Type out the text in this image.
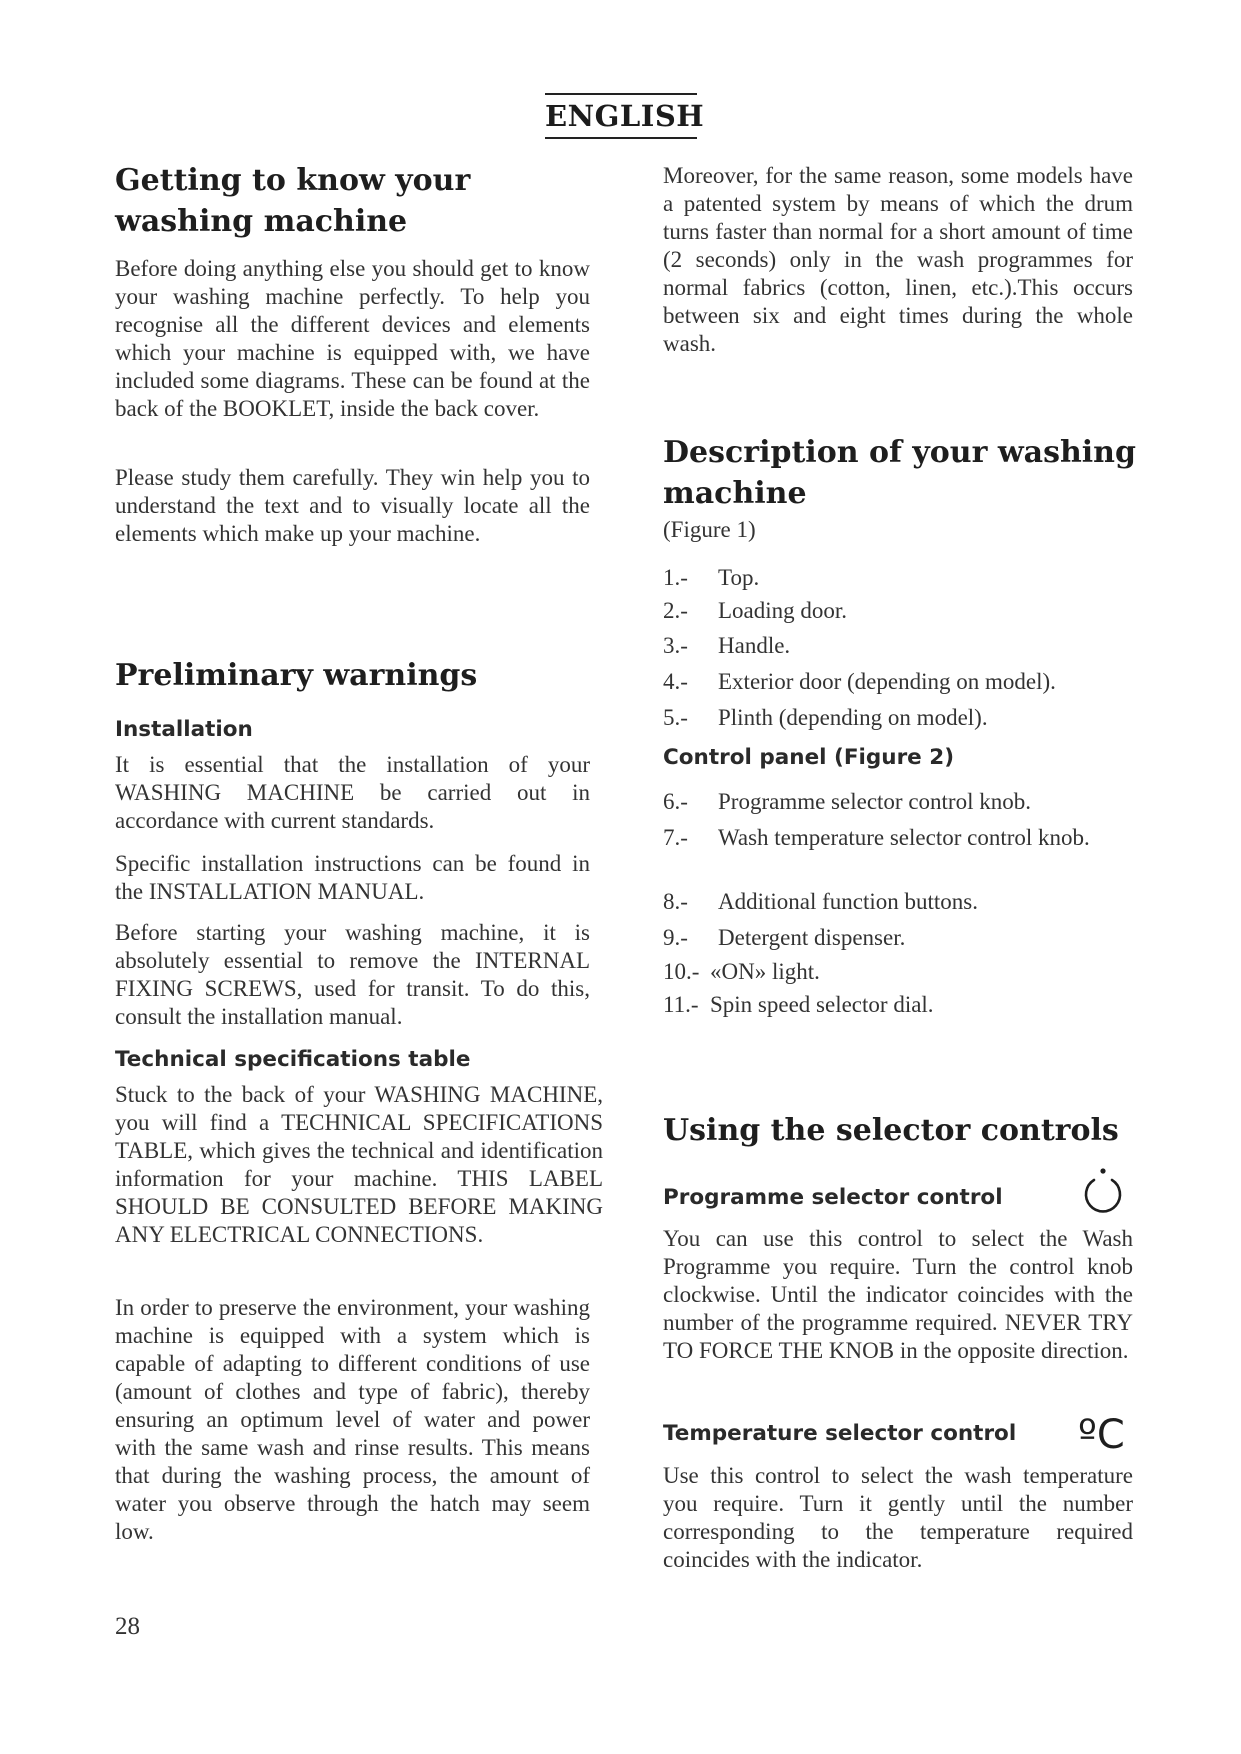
ENGLISH
Getting to know your
washing machine

Before doing anything else you should get to know your washing machine perfectly. To help you recognise all the different devices and elements which your machine is equipped with, we have included some diagrams. These can be found at the back of the BOOKLET, inside the back cover.

Please study them carefully. They win help you to understand the text and to visually locate all the elements which make up your machine.

Preliminary warnings
Installation

It is essential that the installation of your WASHING MACHINE be carried out in accordance with current standards.

Specific installation instructions can be found in the INSTALLATION MANUAL.

Before starting your washing machine, it is absolutely essential to remove the INTERNAL FIXING SCREWS, used for transit. To do this, consult the installation manual.

Technical specifications table

Stuck to the back of your WASHING MACHINE, you will find a TECHNICAL SPECIFICATIONS TABLE, which gives the technical and identification information for your machine. THIS LABEL SHOULD BE CONSULTED BEFORE MAKING ANY ELECTRICAL CONNECTIONS.

In order to preserve the environment, your washing machine is equipped with a system which is capable of adapting to different conditions of use (amount of clothes and type of fabric), thereby ensuring an optimum level of water and power with the same wash and rinse results. This means that during the washing process, the amount of water you observe through the hatch may seem low.

Moreover, for the same reason, some models have a patented system by means of which the drum turns faster than normal for a short amount of time (2 seconds) only in the wash programmes for normal fabrics (cotton, linen, etc.).This occurs between six and eight times during the whole wash.

Description of your washing
machine

(Figure 1)

1.-	Top.
2.-	Loading door.
3.-	Handle.
4.-	Exterior door (depending on model).
5.-	Plinth (depending on model).
Control panel (Figure 2)
6.-	Programme selector control knob.
7.-	Wash temperature selector control knob.
8.-	Additional function buttons.
9.-	Detergent dispenser.
10.- «ON» light.
11.- Spin speed selector dial.
Using the selector controls
Programme selector control

You can use this control to select the Wash Programme you require. Turn the control knob clockwise. Until the indicator coincides with the number of the programme required. NEVER TRY TO FORCE THE KNOB in the opposite direction.

Temperature selector control

Use this control to select the wash temperature you require. Turn it gently until the number corresponding to the temperature required coincides with the indicator.

ºC
28
